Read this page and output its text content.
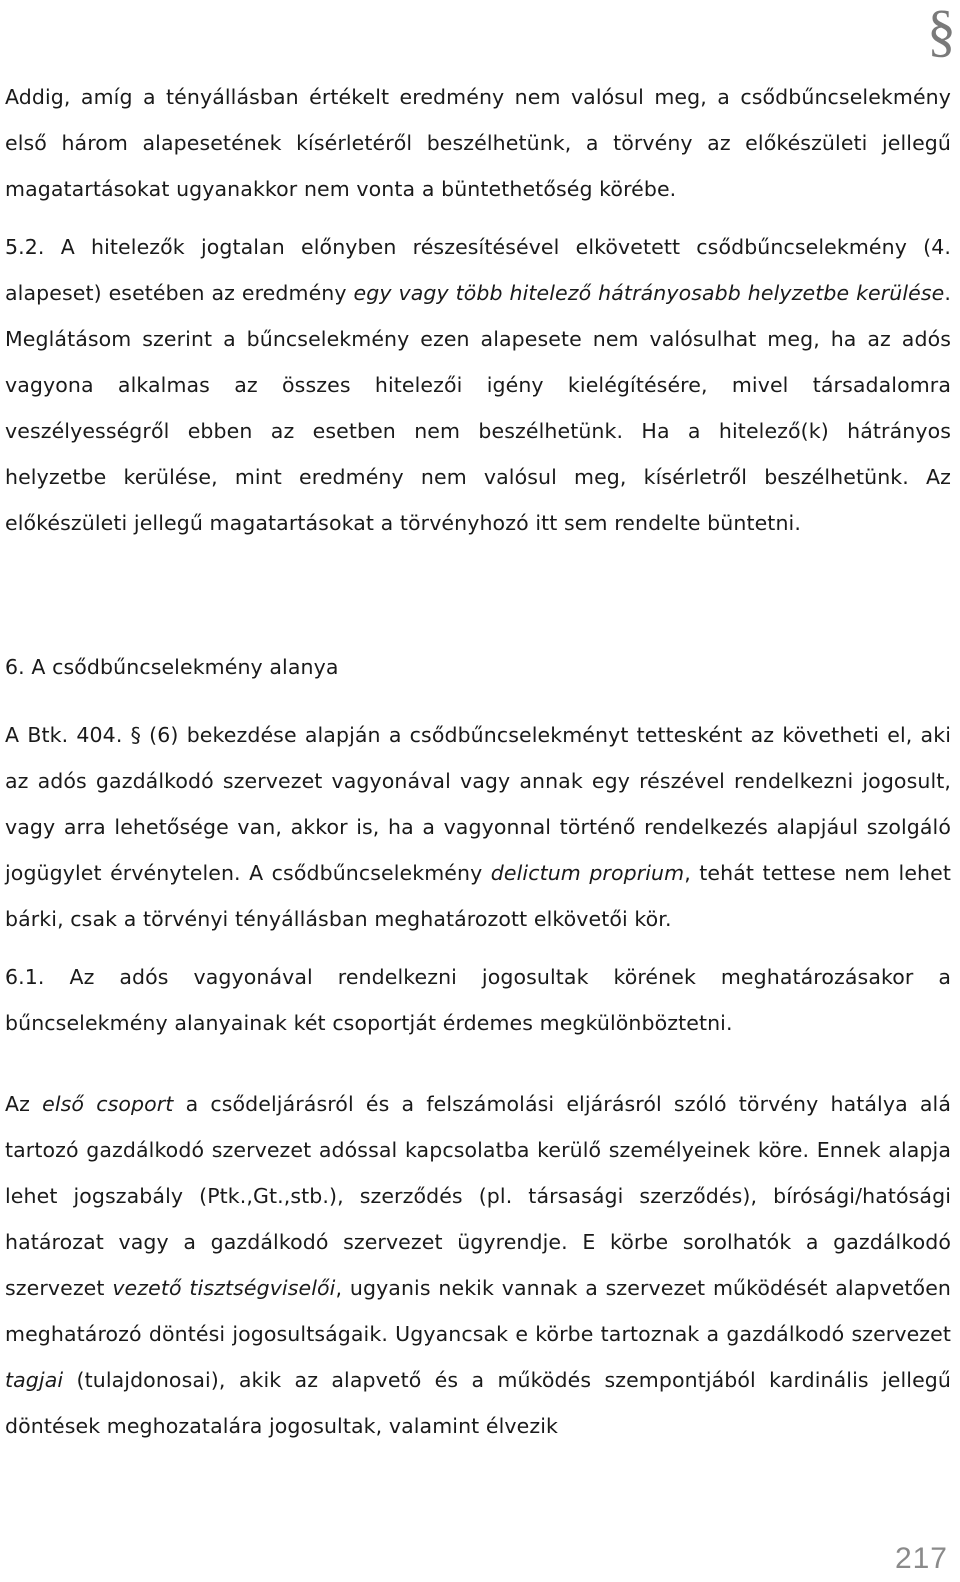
§

Addig, amíg a tényállásban értékelt eredmény nem valósul meg, a csődbűncselekmény első három alapesetének kísérletéről beszélhetünk, a törvény az előkészületi jellegű magatartásokat ugyanakkor nem vonta a büntethetőség körébe.

5.2. A hitelezők jogtalan előnyben részesítésével elkövetett csődbűncselekmény (4. alapeset) esetében az eredmény egy vagy több hitelező hátrányosabb helyzetbe kerülése. Meglátásom szerint a bűncselekmény ezen alapesete nem valósulhat meg, ha az adós vagyona alkalmas az összes hitelezői igény kielégítésére, mivel társadalomra veszélyességről ebben az esetben nem beszélhetünk. Ha a hitelező(k) hátrányos helyzetbe kerülése, mint eredmény nem valósul meg, kísérletről beszélhetünk. Az előkészületi jellegű magatartásokat a törvényhozó itt sem rendelte büntetni.

6. A csődbűncselekmény alanya

A Btk. 404. § (6) bekezdése alapján a csődbűncselekményt tettesként az követheti el, aki az adós gazdálkodó szervezet vagyonával vagy annak egy részével rendelkezni jogosult, vagy arra lehetősége van, akkor is, ha a vagyonnal történő rendelkezés alapjául szolgáló jogügylet érvénytelen. A csődbűncselekmény delictum proprium, tehát tettese nem lehet bárki, csak a törvényi tényállásban meghatározott elkövetői kör.

6.1. Az adós vagyonával rendelkezni jogosultak körének meghatározásakor a bűncselekmény alanyainak két csoportját érdemes megkülönböztetni.

Az első csoport a csődeljárásról és a felszámolási eljárásról szóló törvény hatálya alá tartozó gazdálkodó szervezet adóssal kapcsolatba kerülő személyeinek köre. Ennek alapja lehet jogszabály (Ptk.,Gt.,stb.), szerződés (pl. társasági szerződés), bírósági/hatósági határozat vagy a gazdálkodó szervezet ügyrendje. E körbe sorolhatók a gazdálkodó szervezet vezető tisztségviselői, ugyanis nekik vannak a szervezet működését alapvetően meghatározó döntési jogosultságaik. Ugyancsak e körbe tartoznak a gazdálkodó szervezet tagjai (tulajdonosai), akik az alapvető és a működés szempontjából kardinális jellegű döntések meghozatalára jogosultak, valamint élvezik

217
